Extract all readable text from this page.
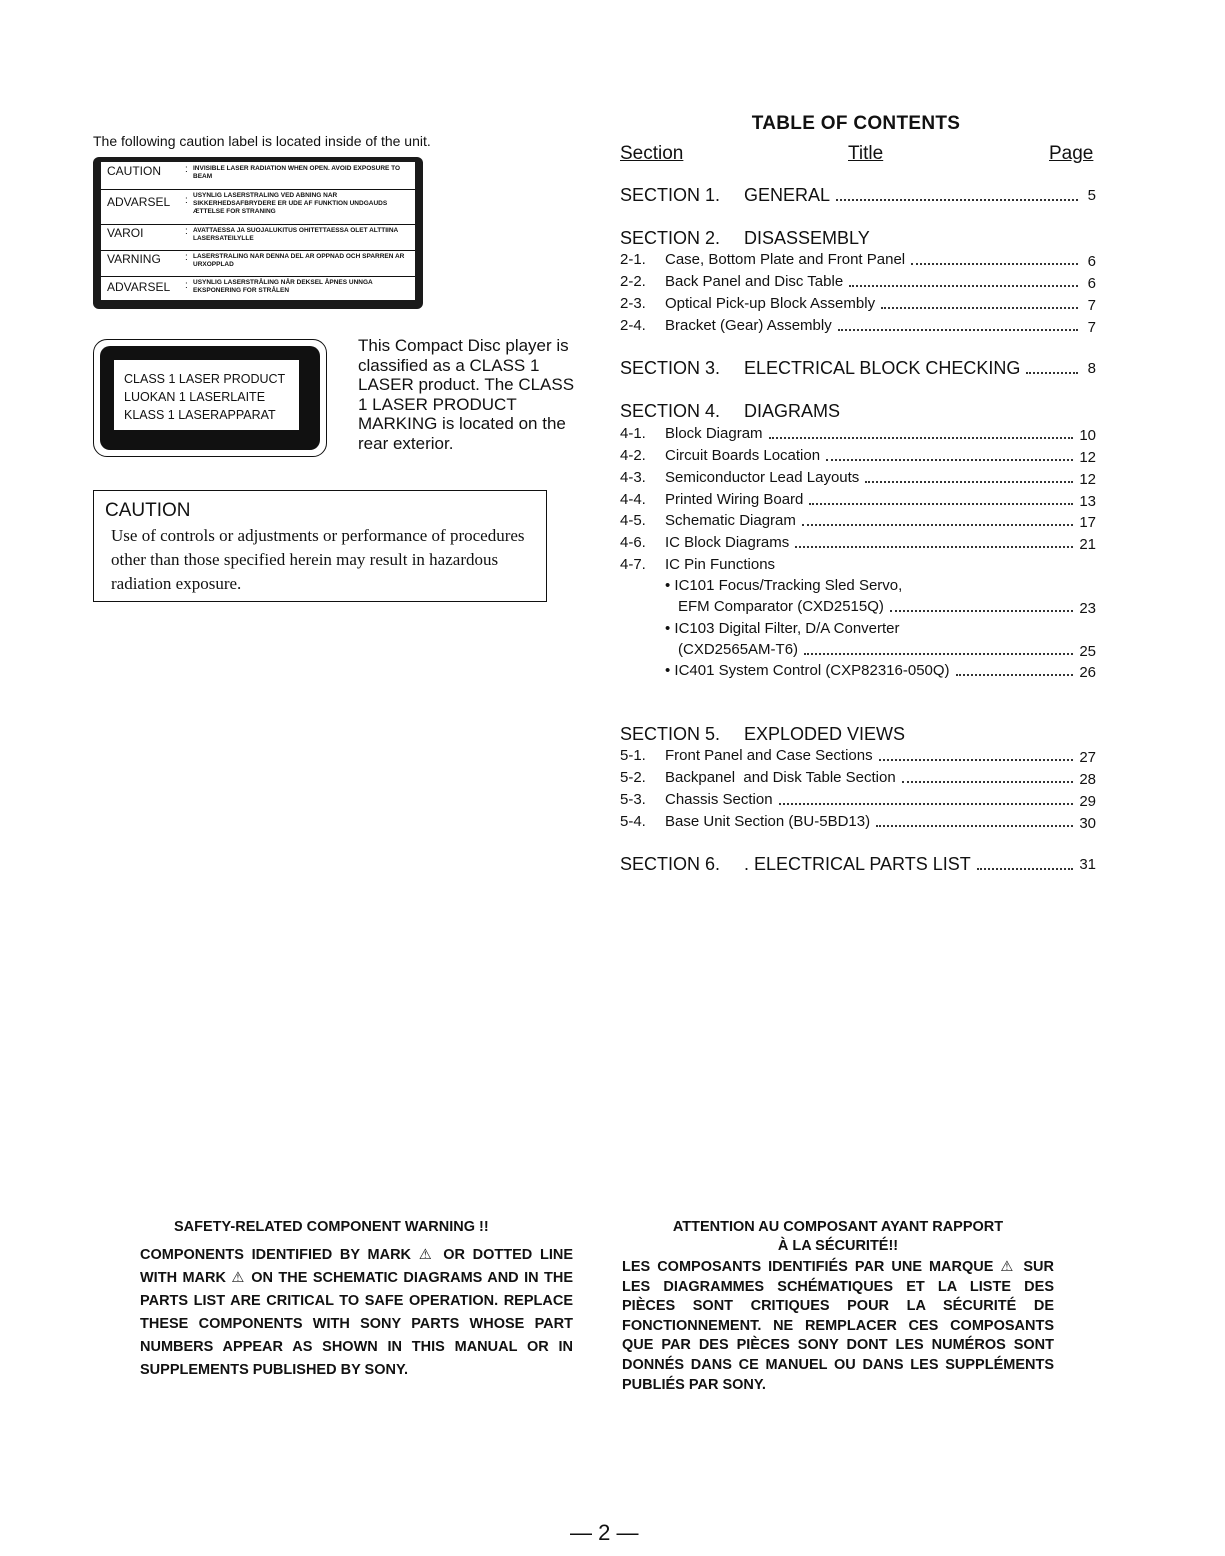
The following caution label is located inside of the unit.
CAUTION : INVISIBLE LASER RADIATION WHEN OPEN. AVOID EXPOSURE TO BEAM
ADVARSEL : USYNLIG LASERSTRALING VED ABNING NAR SIKKERHEDSAFBRYDERE ER UDE AF FUNKTION UNDGAUDS ÆTTELSE FOR STRANING
VAROI	: AVATTAESSA JA SUOJALUKITUS OHITETTAESSA OLET ALTTIINA LASERSATEILYLLE
VARNING : LASERSTRALING NAR DENNA DEL AR OPPNAD OCH SPARREN AR URXOPPLAD
ADVARSEL : USYNLIG LASERSTRÅLING NÅR DEKSEL ÅPNES UNNGA EKSPONERING FOR STRÅLEN
CLASS 1 LASER PRODUCT
LUOKAN 1 LASERLAITE
KLASS 1 LASERAPPARAT
This Compact Disc player is classified as a CLASS 1 LASER product. The CLASS 1 LASER PRODUCT MARKING is located on the rear exterior.
CAUTION
Use of controls or adjustments or performance of procedures other than those specified herein may result in hazardous radiation exposure.
TABLE OF CONTENTS
Section	Title	Page
SECTION 1.	GENERAL	5
SECTION 2.	DISASSEMBLY
2-1.	Case, Bottom Plate and Front Panel	6
2-2.	Back Panel and Disc Table	6
2-3.	Optical Pick-up Block Assembly	7
2-4.	Bracket (Gear) Assembly	7
SECTION 3.	ELECTRICAL BLOCK CHECKING	8
SECTION 4.	DIAGRAMS
4-1.	Block Diagram	10
4-2.	Circuit Boards Location	12
4-3.	Semiconductor Lead Layouts	12
4-4.	Printed Wiring Board	13
4-5.	Schematic Diagram	17
4-6.	IC Block Diagrams	21
4-7.	IC Pin Functions
• IC101 Focus/Tracking Sled Servo,
EFM Comparator (CXD2515Q)	23
• IC103 Digital Filter, D/A Converter
(CXD2565AM-T6)	25
• IC401 System Control (CXP82316-050Q)	26
SECTION 5.	EXPLODED VIEWS
5-1.	Front Panel and Case Sections	27
5-2.	Backpanel  and Disk Table Section	28
5-3.	Chassis Section	29
5-4.	Base Unit Section (BU-5BD13)	30
SECTION 6.	. ELECTRICAL PARTS LIST	31
SAFETY-RELATED COMPONENT WARNING !!
COMPONENTS IDENTIFIED BY MARK ⚠ OR DOTTED LINE WITH MARK ⚠ ON THE SCHEMATIC DIAGRAMS AND IN THE PARTS LIST ARE CRITICAL TO SAFE OPERATION. REPLACE THESE COMPONENTS WITH SONY PARTS WHOSE PART NUMBERS APPEAR AS SHOWN IN THIS MANUAL OR IN SUPPLEMENTS PUBLISHED BY SONY.
ATTENTION AU COMPOSANT AYANT RAPPORT
À LA SÉCURITÉ!!
LES COMPOSANTS IDENTIFIÉS PAR UNE MARQUE ⚠ SUR LES DIAGRAMMES SCHÉMATIQUES ET LA LISTE DES PIÈCES SONT CRITIQUES POUR LA SÉCURITÉ DE FONCTIONNEMENT. NE REMPLACER CES COMPOSANTS QUE PAR DES PIÈCES SONY DONT LES NUMÉROS SONT DONNÉS DANS CE MANUEL OU DANS LES SUPPLÉMENTS PUBLIÉS PAR SONY.
— 2 —
